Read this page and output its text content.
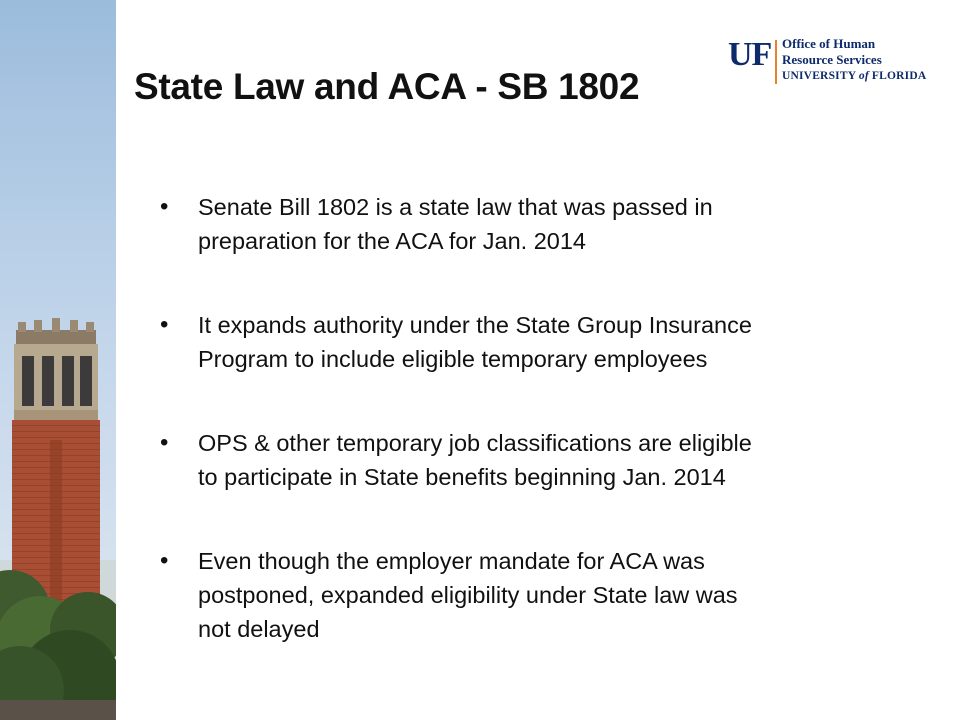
UF Office of Human
Resource Services
UNIVERSITY of FLORIDA
State Law and ACA - SB 1802
• Senate Bill 1802 is a state law that was passed in
preparation for the ACA for Jan. 2014
• It expands authority under the State Group Insurance
Program to include eligible temporary employees
• OPS & other temporary job classifications are eligible
to participate in State benefits beginning Jan. 2014
• Even though the employer mandate for ACA was
postponed, expanded eligibility under State law was
not delayed
